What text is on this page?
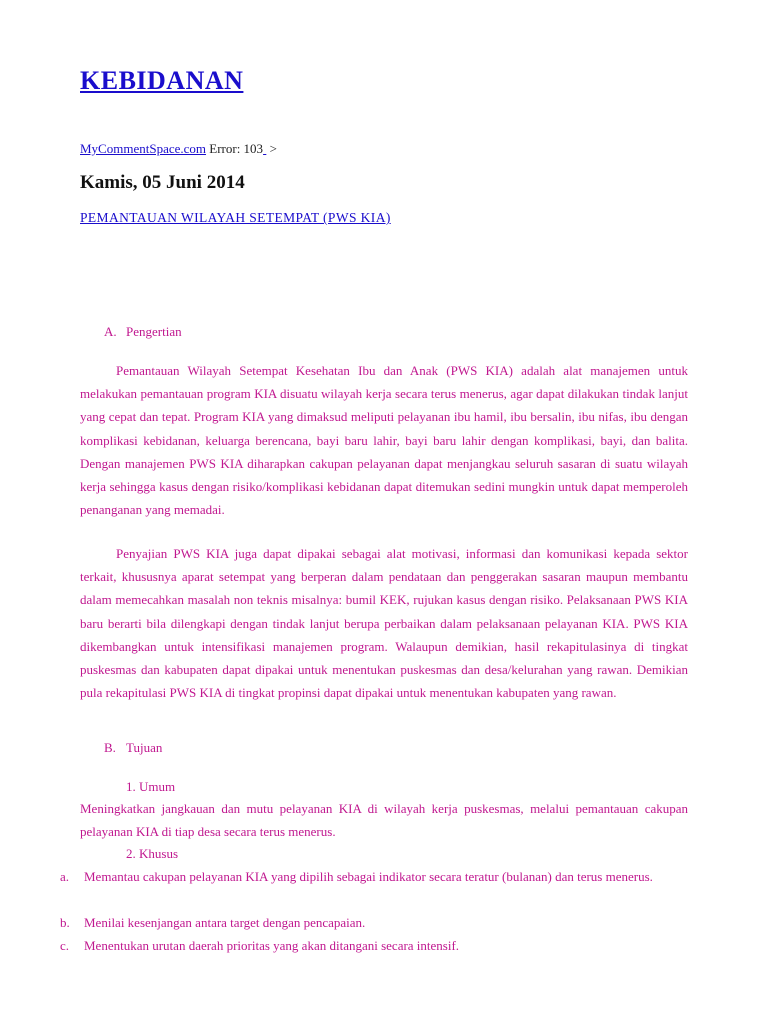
KEBIDANAN
MyCommentSpace.com Error: 103  >
Kamis, 05 Juni 2014
PEMANTAUAN WILAYAH SETEMPAT (PWS KIA)
A. Pengertian
Pemantauan Wilayah Setempat Kesehatan Ibu dan Anak (PWS KIA) adalah alat manajemen untuk melakukan pemantauan program KIA disuatu wilayah kerja secara terus menerus, agar dapat dilakukan tindak lanjut yang cepat dan tepat. Program KIA yang dimaksud meliputi pelayanan ibu hamil, ibu bersalin, ibu nifas, ibu dengan komplikasi kebidanan, keluarga berencana, bayi baru lahir, bayi baru lahir dengan komplikasi, bayi, dan balita. Dengan manajemen PWS KIA diharapkan cakupan pelayanan dapat menjangkau seluruh sasaran di suatu wilayah kerja sehingga kasus dengan risiko/komplikasi kebidanan dapat ditemukan sedini mungkin untuk dapat memperoleh penanganan yang memadai.
Penyajian PWS KIA juga dapat dipakai sebagai alat motivasi, informasi dan komunikasi kepada sektor terkait, khususnya aparat setempat yang berperan dalam pendataan dan penggerakan sasaran maupun membantu dalam memecahkan masalah non teknis misalnya: bumil KEK, rujukan kasus dengan risiko. Pelaksanaan PWS KIA baru berarti bila dilengkapi dengan tindak lanjut berupa perbaikan dalam pelaksanaan pelayanan KIA. PWS KIA dikembangkan untuk intensifikasi manajemen program. Walaupun demikian, hasil rekapitulasinya di tingkat puskesmas dan kabupaten dapat dipakai untuk menentukan puskesmas dan desa/kelurahan yang rawan. Demikian pula rekapitulasi PWS KIA di tingkat propinsi dapat dipakai untuk menentukan kabupaten yang rawan.
B. Tujuan
1. Umum
Meningkatkan jangkauan dan mutu pelayanan KIA di wilayah kerja puskesmas, melalui pemantauan cakupan pelayanan KIA di tiap desa secara terus menerus.
2. Khusus
a. Memantau cakupan pelayanan KIA yang dipilih sebagai indikator secara teratur (bulanan) dan terus menerus.
b. Menilai kesenjangan antara target dengan pencapaian.
c. Menentukan urutan daerah prioritas yang akan ditangani secara intensif.
